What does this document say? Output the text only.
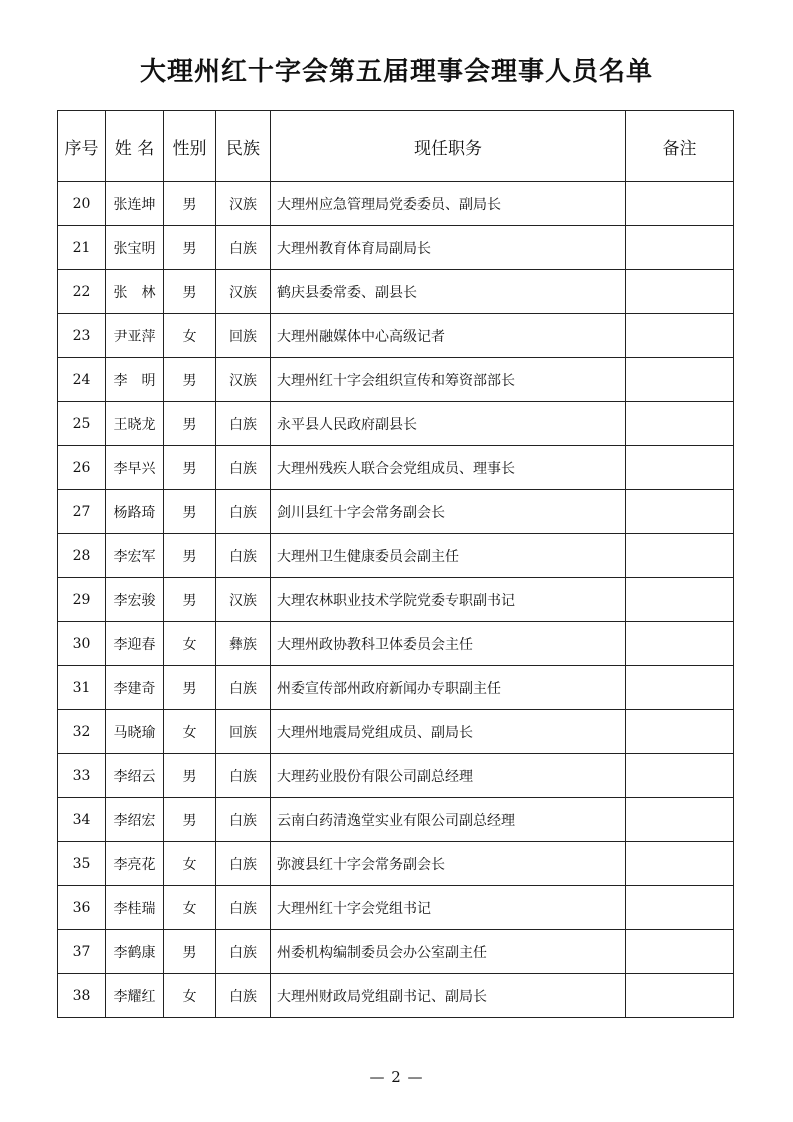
大理州红十字会第五届理事会理事人员名单
序号	姓 名	性别	民族	现任职务	备注
20	张连坤	男	汉族	大理州应急管理局党委委员、副局长	
21	张宝明	男	白族	大理州教育体育局副局长	
22	张　林	男	汉族	鹤庆县委常委、副县长	
23	尹亚萍	女	回族	大理州融媒体中心高级记者	
24	李　明	男	汉族	大理州红十字会组织宣传和筹资部部长	
25	王晓龙	男	白族	永平县人民政府副县长	
26	李早兴	男	白族	大理州残疾人联合会党组成员、理事长	
27	杨路琦	男	白族	剑川县红十字会常务副会长	
28	李宏军	男	白族	大理州卫生健康委员会副主任	
29	李宏骏	男	汉族	大理农林职业技术学院党委专职副书记	
30	李迎春	女	彝族	大理州政协教科卫体委员会主任	
31	李建奇	男	白族	州委宣传部州政府新闻办专职副主任	
32	马晓瑜	女	回族	大理州地震局党组成员、副局长	
33	李绍云	男	白族	大理药业股份有限公司副总经理	
34	李绍宏	男	白族	云南白药清逸堂实业有限公司副总经理	
35	李亮花	女	白族	弥渡县红十字会常务副会长	
36	李桂瑞	女	白族	大理州红十字会党组书记	
37	李鹤康	男	白族	州委机构编制委员会办公室副主任	
38	李耀红	女	白族	大理州财政局党组副书记、副局长	
— 2 —
